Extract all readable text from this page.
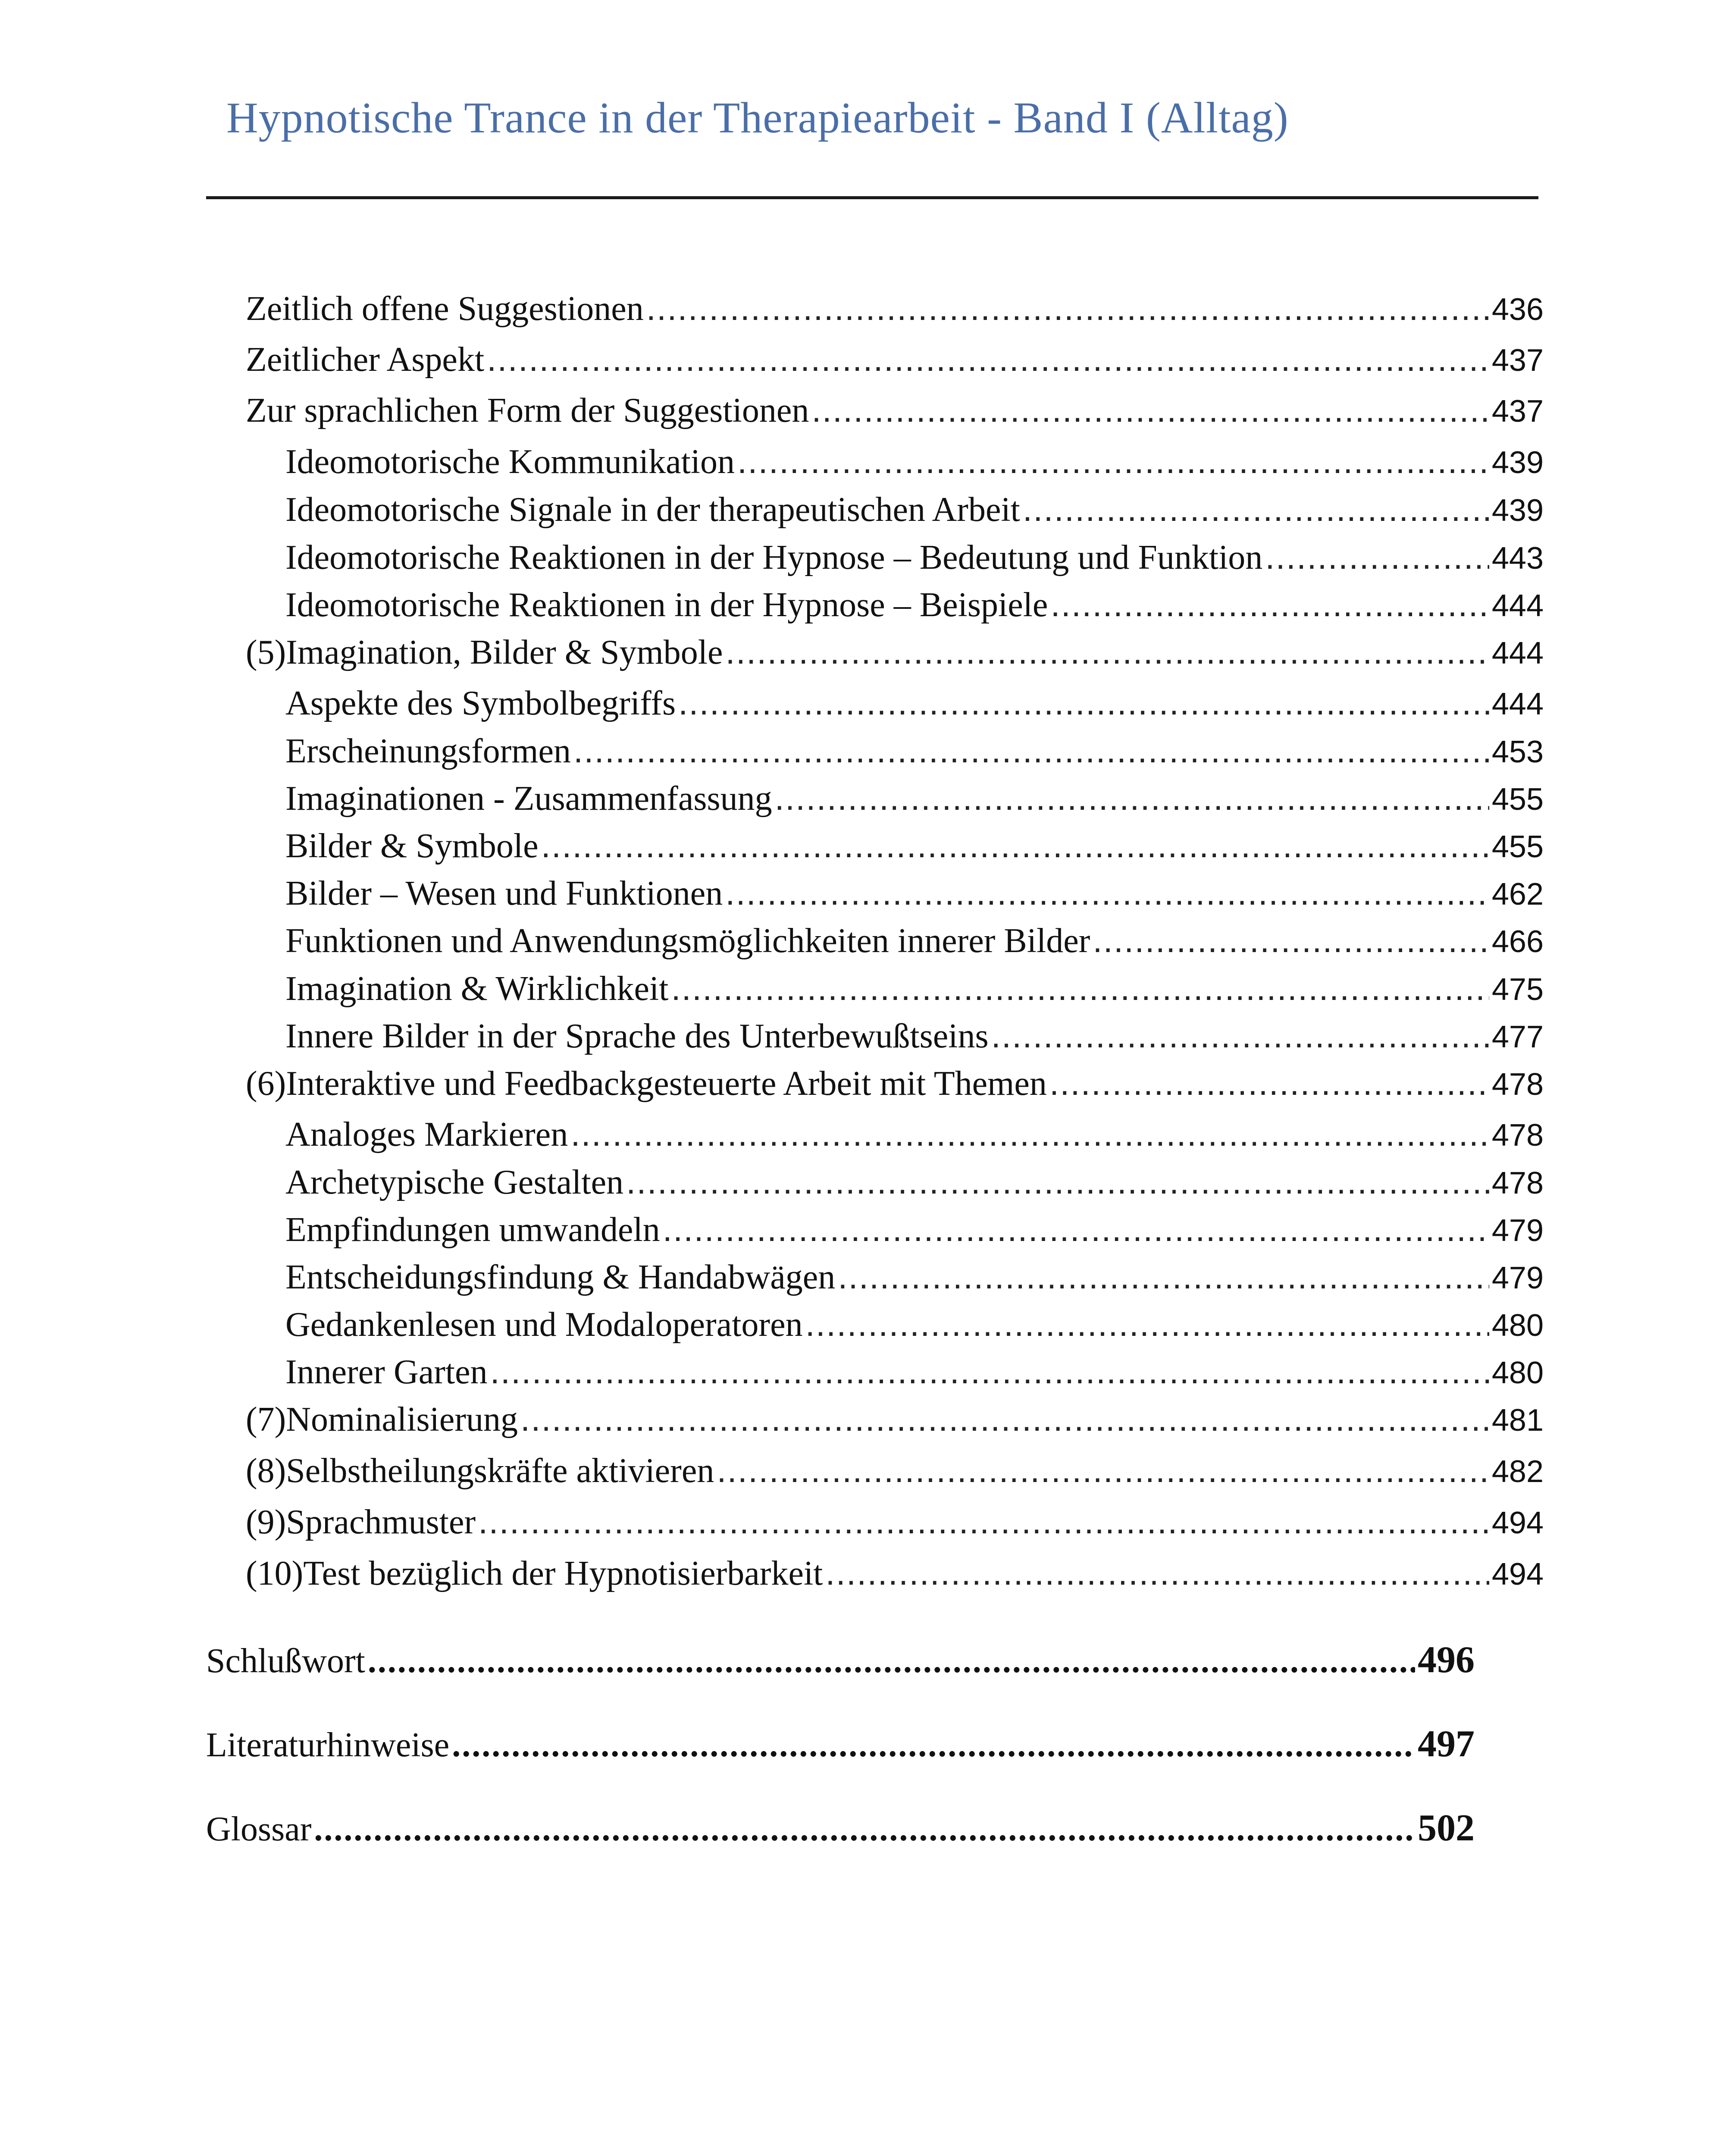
Hypnotische Trance in der Therapiearbeit - Band I (Alltag)
Zeitlich offene Suggestionen .....	436
Zeitlicher Aspekt .....	437
Zur sprachlichen Form der Suggestionen .....	437
Ideomotorische Kommunikation .....	439
Ideomotorische Signale in der therapeutischen Arbeit .....	439
Ideomotorische Reaktionen in der Hypnose – Bedeutung und Funktion .....	443
Ideomotorische Reaktionen in der Hypnose – Beispiele .....	444
(5) Imagination, Bilder & Symbole .....	444
Aspekte des Symbolbegriffs .....	444
Erscheinungsformen .....	453
Imaginationen - Zusammenfassung .....	455
Bilder & Symbole .....	455
Bilder – Wesen und Funktionen .....	462
Funktionen und Anwendungsmöglichkeiten innerer Bilder .....	466
Imagination & Wirklichkeit .....	475
Innere Bilder in der Sprache des Unterbewußtseins .....	477
(6) Interaktive und Feedbackgesteuerte Arbeit mit Themen .....	478
Analoges Markieren .....	478
Archetypische Gestalten .....	478
Empfindungen umwandeln .....	479
Entscheidungsfindung & Handabwägen .....	479
Gedankenlesen und Modaloperatoren .....	480
Innerer Garten .....	480
(7) Nominalisierung .....	481
(8) Selbstheilungskräfte aktivieren .....	482
(9) Sprachmuster .....	494
(10) Test bezüglich der Hypnotisierbarkeit .....	494
Schlußwort .....	496
Literaturhinweise .....	497
Glossar .....	502
